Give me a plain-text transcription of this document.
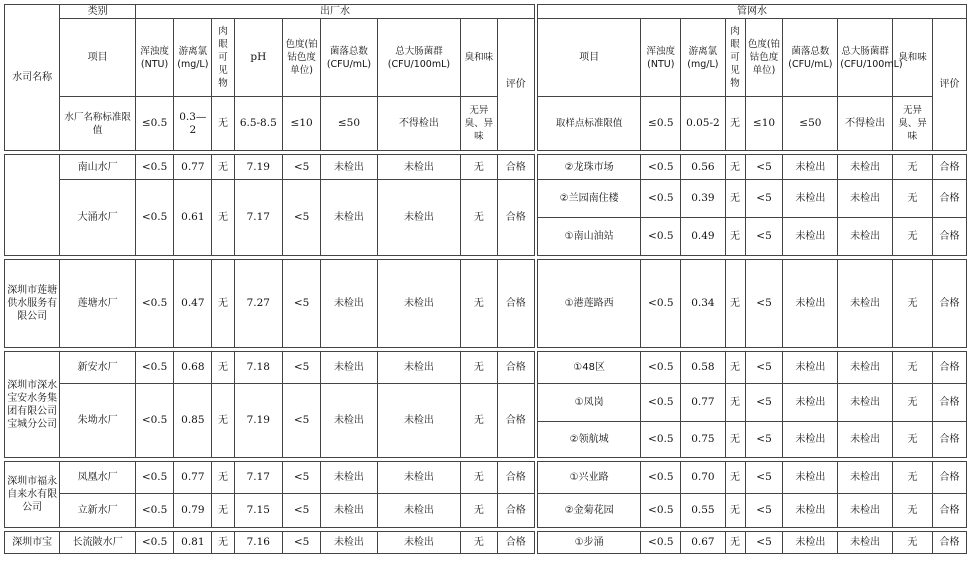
水司名称	类别	出厂水								
	项目	浑浊度(NTU)	游离氯(mg/L)	肉眼可见物	pH	色度(铂钴色度单位)	菌落总数(CFU/mL)	总大肠菌群(CFU/100mL)	臭和味	评价
	水厂名称标准限值	≤0.5	0.3—2	无	6.5-8.5	≤10	≤50	不得检出	无异臭、异味	

	南山水厂	<0.5	0.77	无	7.19	<5	未检出	未检出	无	合格
	大涌水厂	<0.5	0.61	无	7.17	<5	未检出	未检出	无	合格

深圳市莲塘供水服务有限公司	莲塘水厂	<0.5	0.47	无	7.27	<5	未检出	未检出	无	合格

深圳市深水宝安水务集团有限公司宝城分公司	新安水厂	<0.5	0.68	无	7.18	<5	未检出	未检出	无	合格
	朱坳水厂	<0.5	0.85	无	7.19	<5	未检出	未检出	无	合格

深圳市福永自来水有限公司	凤凰水厂	<0.5	0.77	无	7.17	<5	未检出	未检出	无	合格
	立新水厂	<0.5	0.79	无	7.15	<5	未检出	未检出	无	合格

深圳市宝	长流陂水厂	<0.5	0.81	无	7.16	<5	未检出	未检出	无	合格
管网水								
项目	浑浊度(NTU)	游离氯(mg/L)	肉眼可见物	色度(铂钴色度单位)	菌落总数(CFU/mL)	总大肠菌群(CFU/100mL)	臭和味	评价
取样点标准限值	≤0.5	0.05-2	无	≤10	≤50	不得检出	无异臭、异味	

②龙珠市场	<0.5	0.56	无	<5	未检出	未检出	无	合格
②兰园南住楼	<0.5	0.39	无	<5	未检出	未检出	无	合格
①南山油站	<0.5	0.49	无	<5	未检出	未检出	无	合格

①港莲路西	<0.5	0.34	无	<5	未检出	未检出	无	合格

①48区	<0.5	0.58	无	<5	未检出	未检出	无	合格
①凤岗	<0.5	0.77	无	<5	未检出	未检出	无	合格
②领航城	<0.5	0.75	无	<5	未检出	未检出	无	合格

①兴业路	<0.5	0.70	无	<5	未检出	未检出	无	合格
②金菊花园	<0.5	0.55	无	<5	未检出	未检出	无	合格

①步涌	<0.5	0.67	无	<5	未检出	未检出	无	合格
